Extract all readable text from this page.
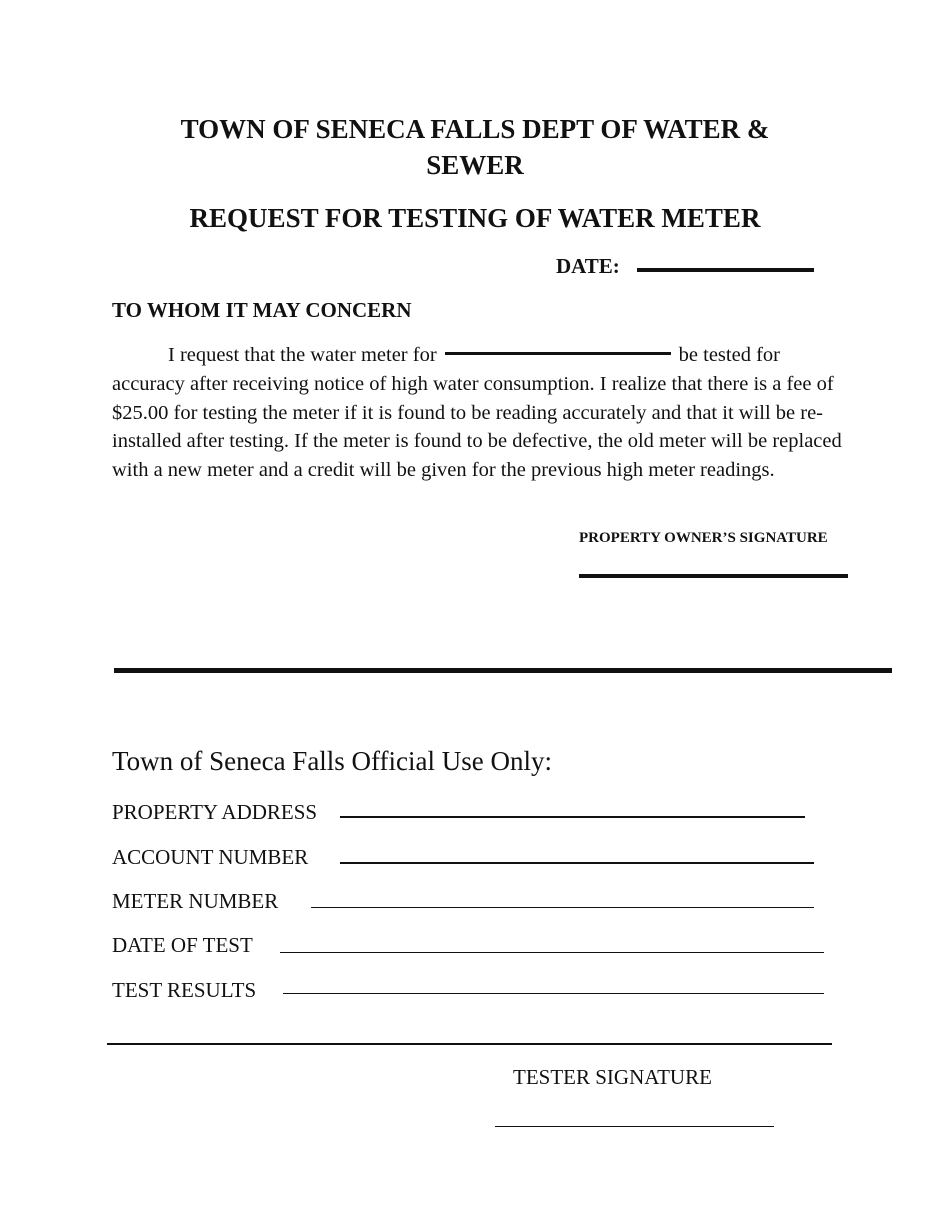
TOWN OF SENECA FALLS DEPT OF WATER &
SEWER
REQUEST FOR TESTING OF WATER METER
DATE:
TO WHOM IT MAY CONCERN
I request that the water meter for	be tested for
accuracy after receiving notice of high water consumption. I realize that there is a fee of $25.00 for testing the meter if it is found to be reading accurately and that it will be re-installed after testing. If the meter is found to be defective, the old meter will be replaced with a new meter and a credit will be given for the previous high meter readings.
PROPERTY OWNER’S SIGNATURE
Town of Seneca Falls Official Use Only:
PROPERTY ADDRESS
ACCOUNT NUMBER
METER NUMBER
DATE OF TEST
TEST RESULTS
TESTER SIGNATURE
